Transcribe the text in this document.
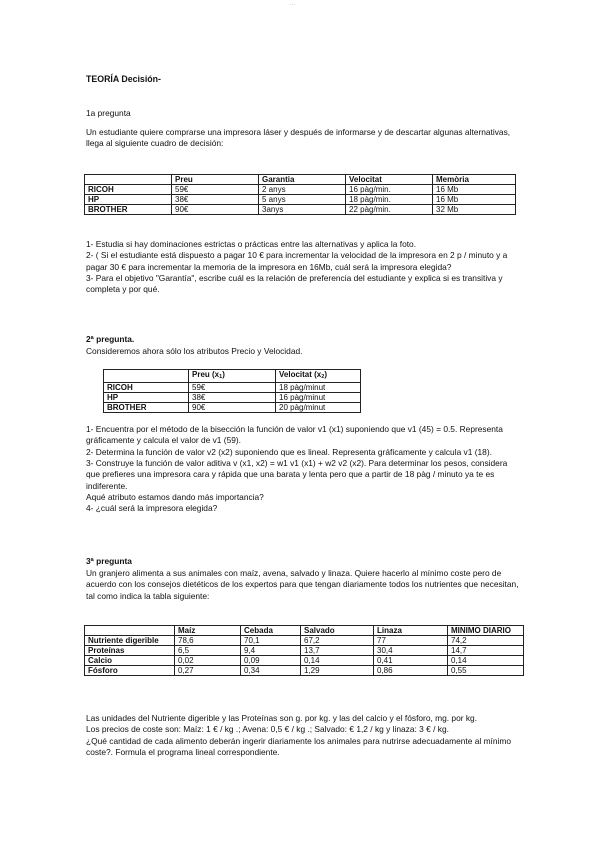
···
TEORÍA Decisión-
1a pregunta
Un estudiante quiere comprarse una impresora láser y después de informarse y de descartar algunas alternativas, llega al siguiente cuadro de decisión:
	Preu	Garantia	Velocitat	Memòria
RICOH	59€	2 anys	16 pàg/min.	16 Mb
HP	38€	5 anys	18 pàg/min.	16 Mb
BROTHER	90€	3anys	22 pàg/min.	32 Mb

1- Estudia si hay dominaciones estrictas o prácticas entre las alternativas y aplica la foto.

2- ( Si el estudiante está dispuesto a pagar 10 € para incrementar la velocidad de la impresora en 2 p / minuto y a pagar 30 € para incrementar la memoria de la impresora en 16Mb, cuál será la impresora elegida?

3- Para el objetivo "Garantía", escribe cuál es la relación de preferencia del estudiante y explica si es transitiva y completa y por qué.

2ª pregunta.
Consideremos ahora sólo los atributos Precio y Velocidad.
	Preu (x1)	Velocitat (x2)
RICOH	59€	18 pàg/minut
HP	38€	16 pàg/minut
BROTHER	90€	20 pàg/minut

1- Encuentra por el método de la bisección la función de valor v1 (x1) suponiendo que v1 (45) = 0.5. Representa gráficamente y calcula el valor de v1 (59).

2- Determina la función de valor v2 (x2) suponiendo que es lineal. Representa gráficamente y calcula v1 (18).

3- Construye la función de valor aditiva v (x1, x2) = w1 v1 (x1) + w2 v2 (x2). Para determinar los pesos, considera que prefieres una impresora cara y rápida que una barata y lenta pero que a partir de 18 pàg / minuto ya te es indiferente.

Aqué atributo estamos dando más importancia?

4- ¿cuál será la impresora elegida?

3ª pregunta
Un granjero alimenta a sus animales con maíz, avena, salvado y linaza. Quiere hacerlo al mínimo coste pero de acuerdo con los consejos dietéticos de los expertos para que tengan diariamente todos los nutrientes que necesitan, tal como indica la tabla siguiente:
	Maíz	Cebada	Salvado	Linaza	MINIMO DIARIO
Nutriente digerible	78,6	70,1	67,2	77	74,2
Proteínas	6,5	9,4	13,7	30,4	14,7
Calcio	0,02	0,09	0,14	0,41	0,14
Fósforo	0,27	0,34	1,29	0,86	0,55

Las unidades del Nutriente digerible y las Proteínas son g. por kg. y las del calcio y el fósforo, mg. por kg.

Los precios de coste son: Maíz: 1 € / kg .; Avena: 0,5 € / kg .; Salvado: € 1,2 / kg y linaza: 3 € / kg.

¿Qué cantidad de cada alimento deberán ingerir diariamente los animales para nutrirse adecuadamente al mínimo coste?. Formula el programa lineal correspondiente.
